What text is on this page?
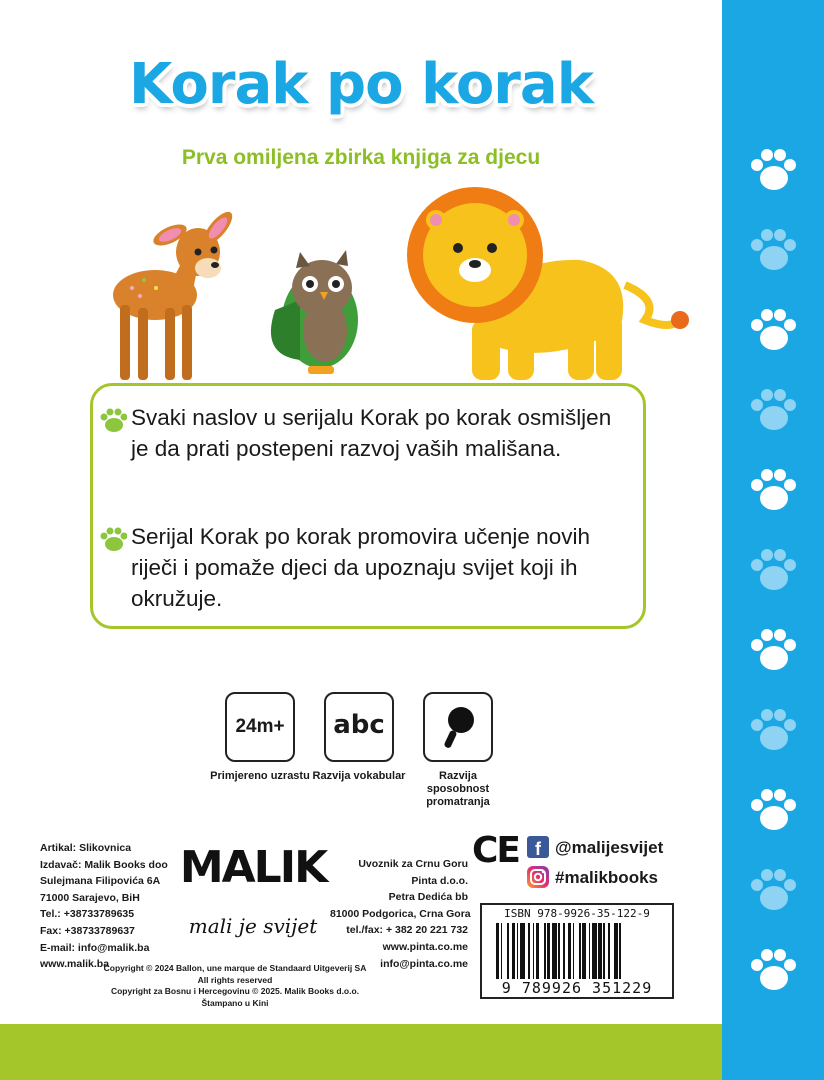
Korak po korak
Prva omiljena zbirka knjiga za djecu
Svaki naslov u serijalu Korak po korak osmišljen je da prati postepeni razvoj vaših mališana.
Serijal Korak po korak promovira učenje novih riječi i pomaže djeci da upoznaju svijet koji ih okružuje.
24m+
Primjereno uzrastu
abc
Razvija vokabular	Razvija sposobnost promatranja
Artikal: Slikovnica
Izdavač: Malik Books doo
Sulejmana Filipovića 6A
71000 Sarajevo, BiH
Tel.: +38733789635
Fax: +38733789637
E-mail: info@malik.ba
www.malik.ba
MALIK
mali je svijet
Uvoznik za Crnu Goru
Pinta d.o.o.
Petra Dedića bb
81000 Podgorica, Crna Gora
tel./fax: + 382 20 221 732
www.pinta.co.me
info@pinta.co.me
Copyright © 2024 Ballon, une marque de Standaard Uitgeverij SA
All rights reserved
Copyright za Bosnu i Hercegovinu © 2025. Malik Books d.o.o.
Štampano u Kini
CE f @malijesvijet
#malikbooks
ISBN 978-9926-35-122-9
9 789926 351229
